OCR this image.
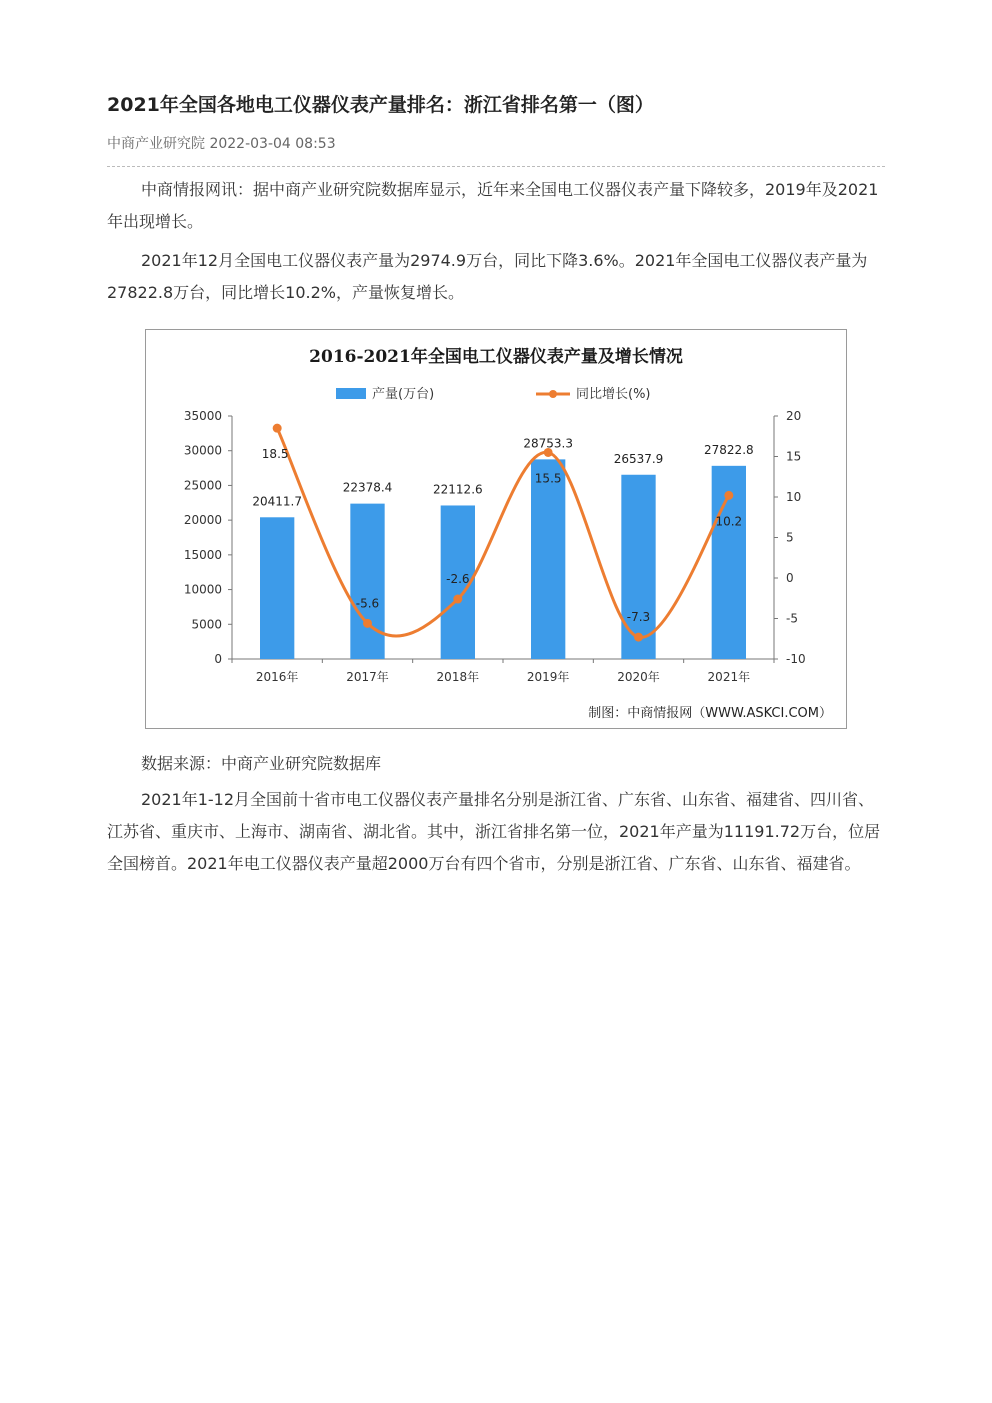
2021年全国各地电工仪器仪表产量排名：浙江省排名第一（图）
中商产业研究院 2022-03-04 08:53

中商情报网讯：据中商产业研究院数据库显示，近年来全国电工仪器仪表产量下降较多，2019年及2021年出现增长。

2021年12月全国电工仪器仪表产量为2974.9万台，同比下降3.6%。2021年全国电工仪器仪表产量为27822.8万台，同比增长10.2%，产量恢复增长。

2016-2021年全国电工仪器仪表产量及增长情况
产量(万台)	同比增长(%)
0
5000
10000
15000
20000
25000
30000
35000
-10
-5
0
5
10
15
20
2016年	2017年	2018年	2019年	2020年	2021年
20411.7
22378.4	22112.6
28753.3
26537.9
27822.8
18.5
-5.6
-2.6
15.5
-7.3
10.2
制图：中商情报网（WWW.ASKCI.COM）
数据来源：中商产业研究院数据库

2021年1-12月全国前十省市电工仪器仪表产量排名分别是浙江省、广东省、山东省、福建省、四川省、江苏省、重庆市、上海市、湖南省、湖北省。其中，浙江省排名第一位，2021年产量为11191.72万台，位居全国榜首。2021年电工仪器仪表产量超2000万台有四个省市，分别是浙江省、广东省、山东省、福建省。
